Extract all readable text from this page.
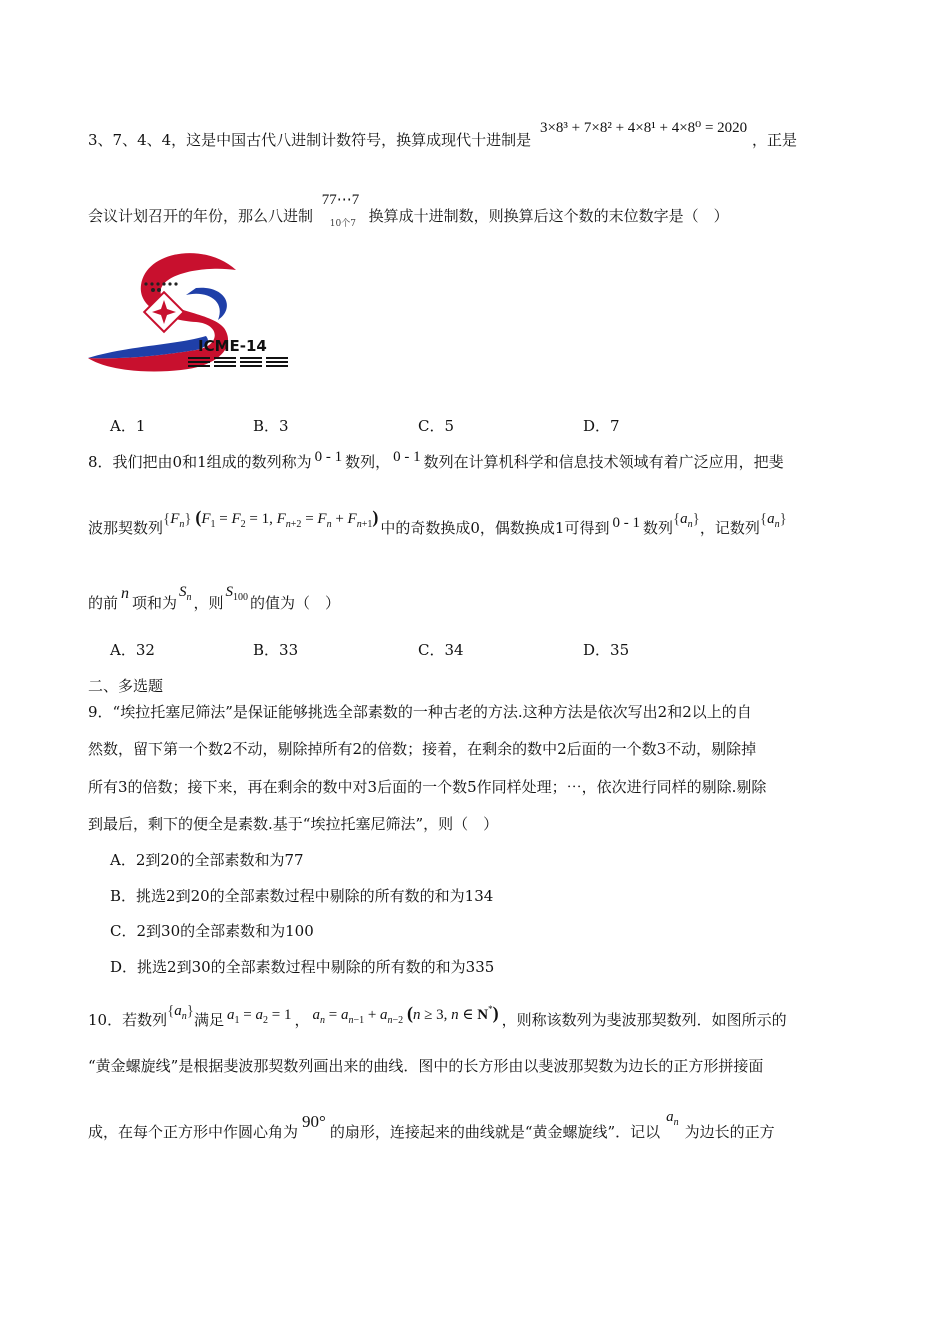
3、7、4、4，这是中国古代八进制计数符号，换算成现代十进制是 3×8³ + 7×8² + 4×8¹ + 4×8⁰ = 2020 ，正是
会议计划召开的年份，那么八进制
77⋯7
10个7 换算成十进制数，则换算后这个数的末位数字是（　）
ICME-14
A．1	B．3	C．5	D．7
8．我们把由0和1组成的数列称为 0 - 1 数列， 0 - 1 数列在计算机科学和信息技术领域有着广泛应用，把斐
波那契数列$\{F_n\} (F_1 = F_2 = 1$, $F_{n+2} = F_n + F_{n+1}$)中的奇数换成0，偶数换成1可得到 0 - 1 数列$\{a_n\}$，记数列$\{a_n\}$
的前n项和为$S_n$ ，则$S_{100}$ 的值为（　）
A．32	B．33	C．34	D．35
二、多选题
9．“埃拉托塞尼筛法”是保证能够挑选全部素数的一种古老的方法.这种方法是依次写出2和2以上的自
然数，留下第一个数2不动，剔除掉所有2的倍数；接着，在剩余的数中2后面的一个数3不动，剔除掉
所有3的倍数；接下来，再在剩余的数中对3后面的一个数5作同样处理；⋯，依次进行同样的剔除.剔除
到最后，剩下的便全是素数.基于“埃拉托塞尼筛法”，则（　）
A．2到20的全部素数和为77
B．挑选2到20的全部素数过程中剔除的所有数的和为134
C．2到30的全部素数和为100
D．挑选2到30的全部素数过程中剔除的所有数的和为335
10．若数列$\{a_n\}$满足 $a_1 = a_2 = 1$ ， $a_n = a_{n-1} + a_{n-2}$ (n ≥ 3, n ∈ N*) ，则称该数列为斐波那契数列．如图所示的
“黄金螺旋线”是根据斐波那契数列画出来的曲线．图中的长方形由以斐波那契数为边长的正方形拼接面
成，在每个正方形中作圆心角为90°的扇形，连接起来的曲线就是“黄金螺旋线”．记以$a_n$为边长的正方
